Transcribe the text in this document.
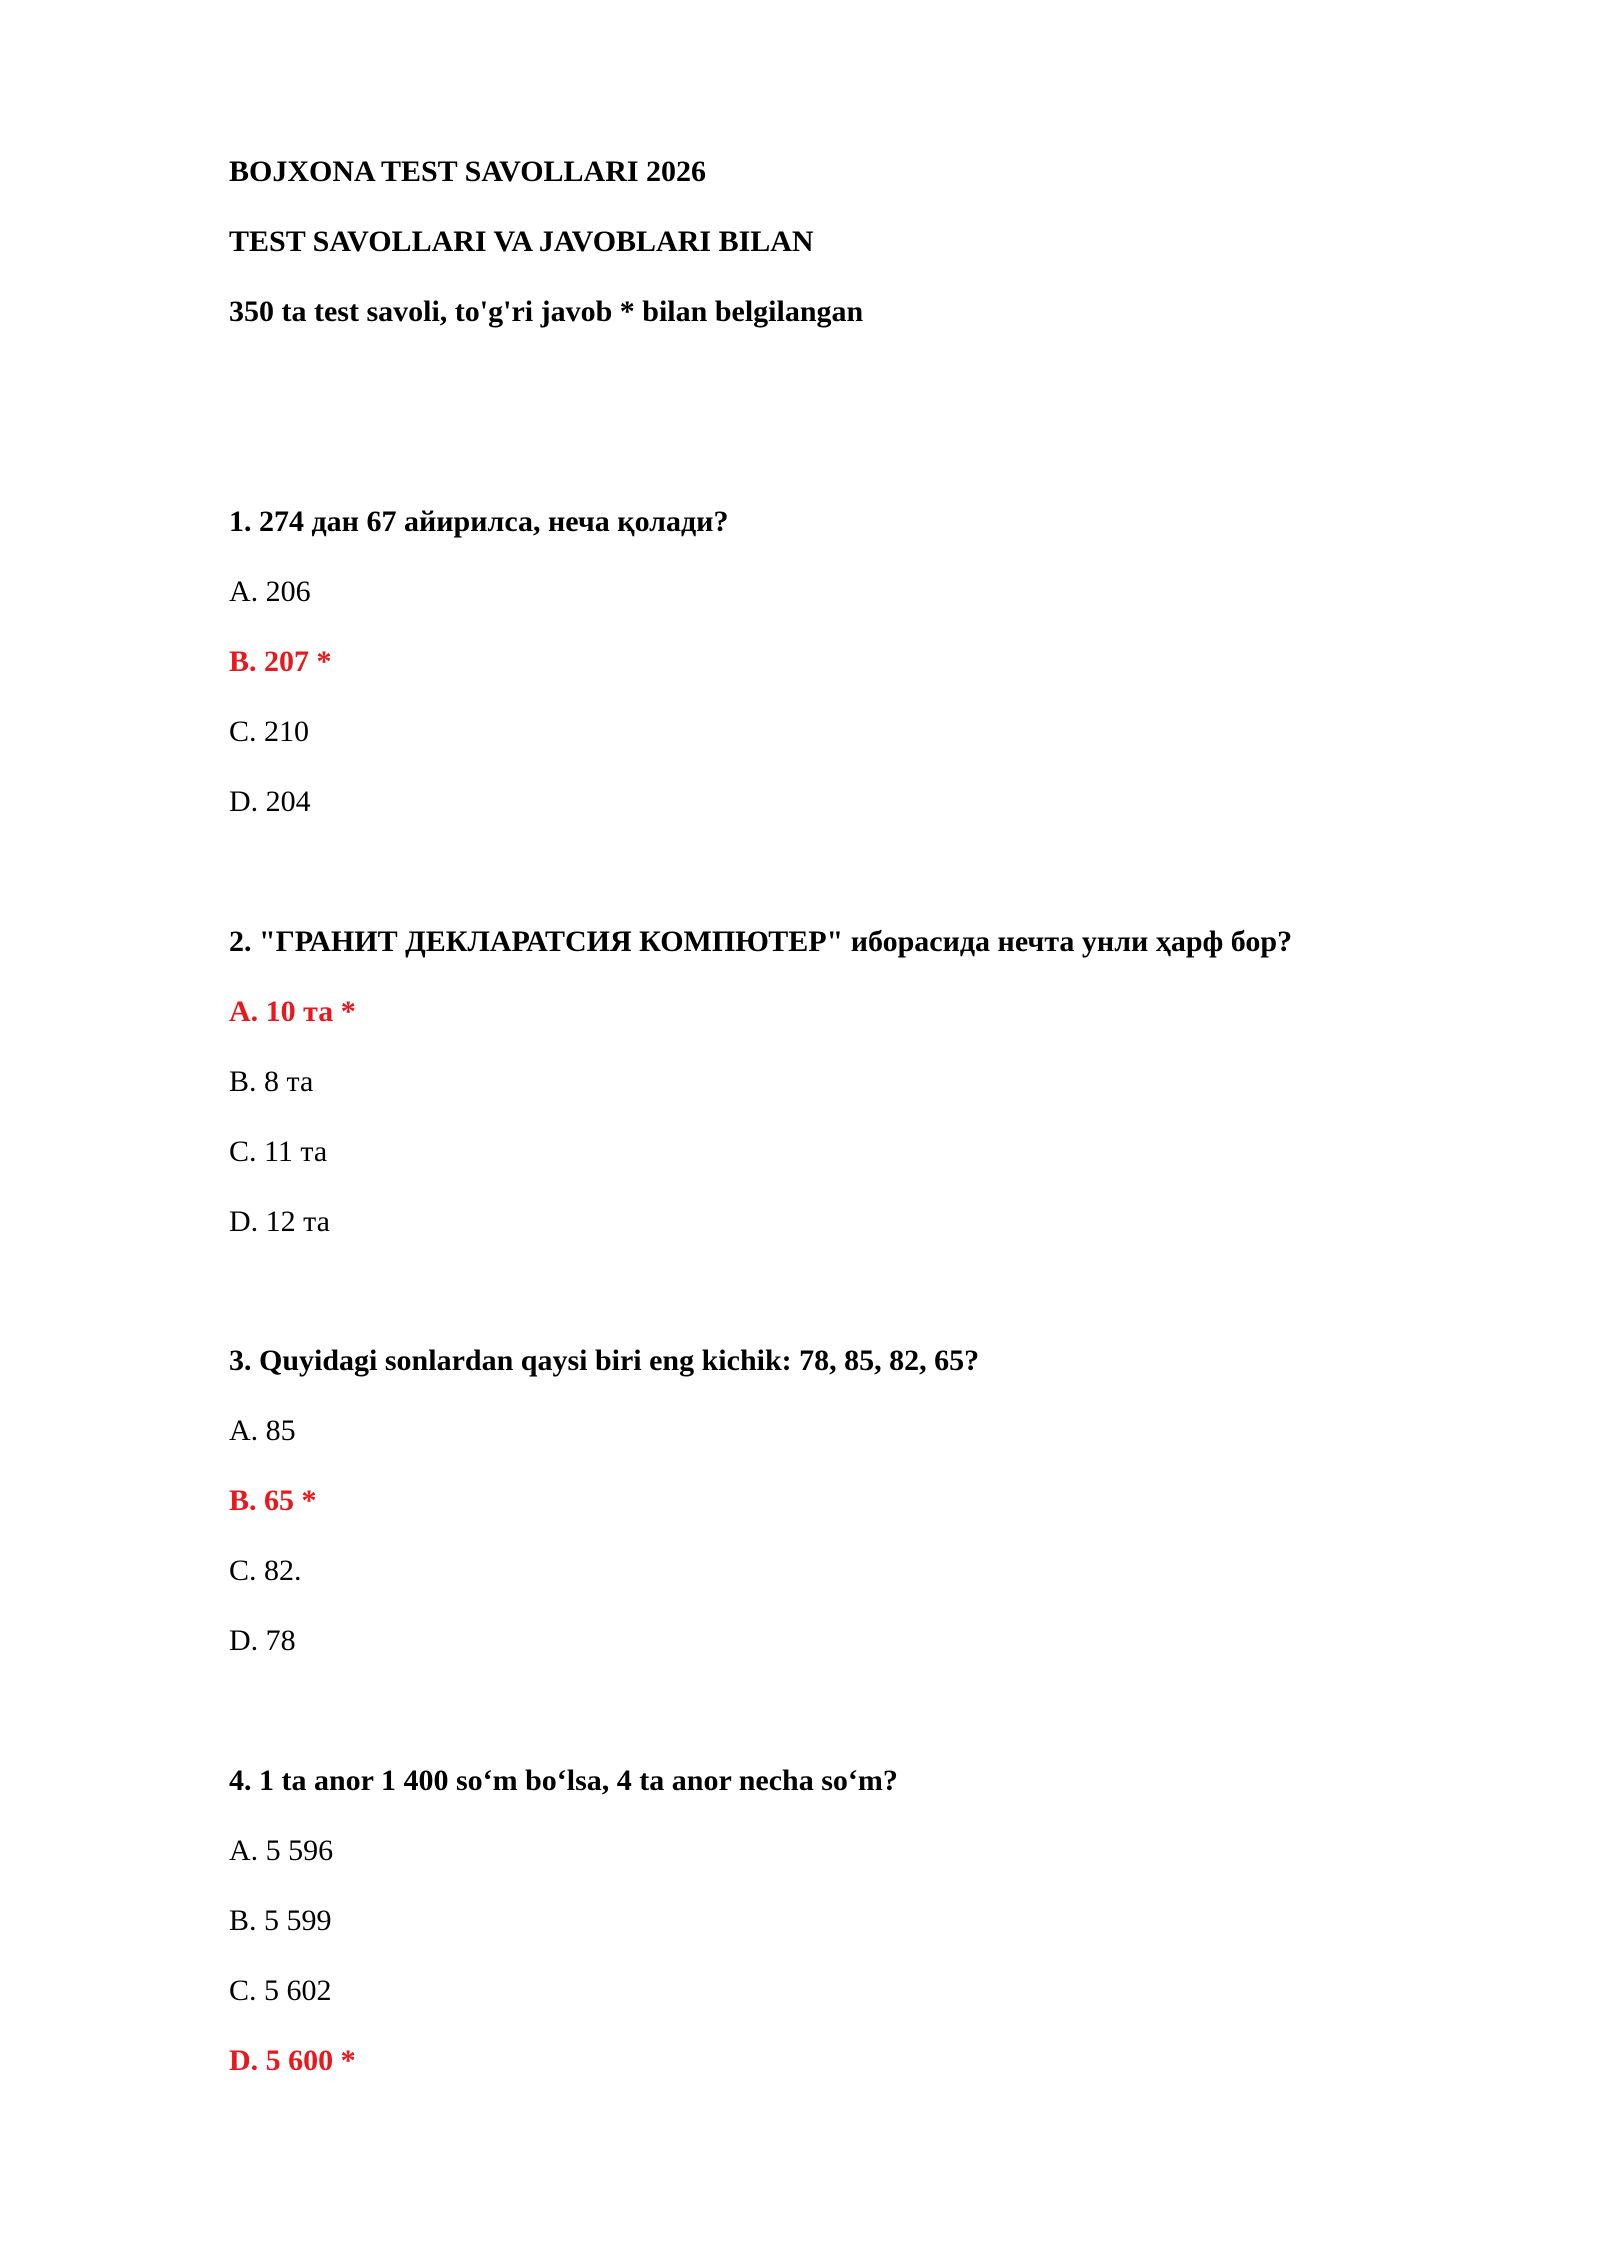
BOJXONA TEST SAVOLLARI 2026
TEST SAVOLLARI VA JAVOBLARI BILAN
350 ta test savoli, to'g'ri javob * bilan belgilangan
1. 274 дан 67 айирилса, неча қолади?
A. 206
B. 207 *
C. 210
D. 204
2. "ГРАНИТ ДЕКЛАРАТСИЯ КОМПЮТЕР" иборасида нечта унли ҳарф бор?
A. 10 та *
B. 8 та
C. 11 та
D. 12 та
3. Quyidagi sonlardan qaysi biri eng kichik: 78, 85, 82, 65?
A. 85
B. 65 *
C. 82.
D. 78
4. 1 ta anor 1 400 so‘m bo‘lsa, 4 ta anor necha so‘m?
A. 5 596
B. 5 599
C. 5 602
D. 5 600 *
